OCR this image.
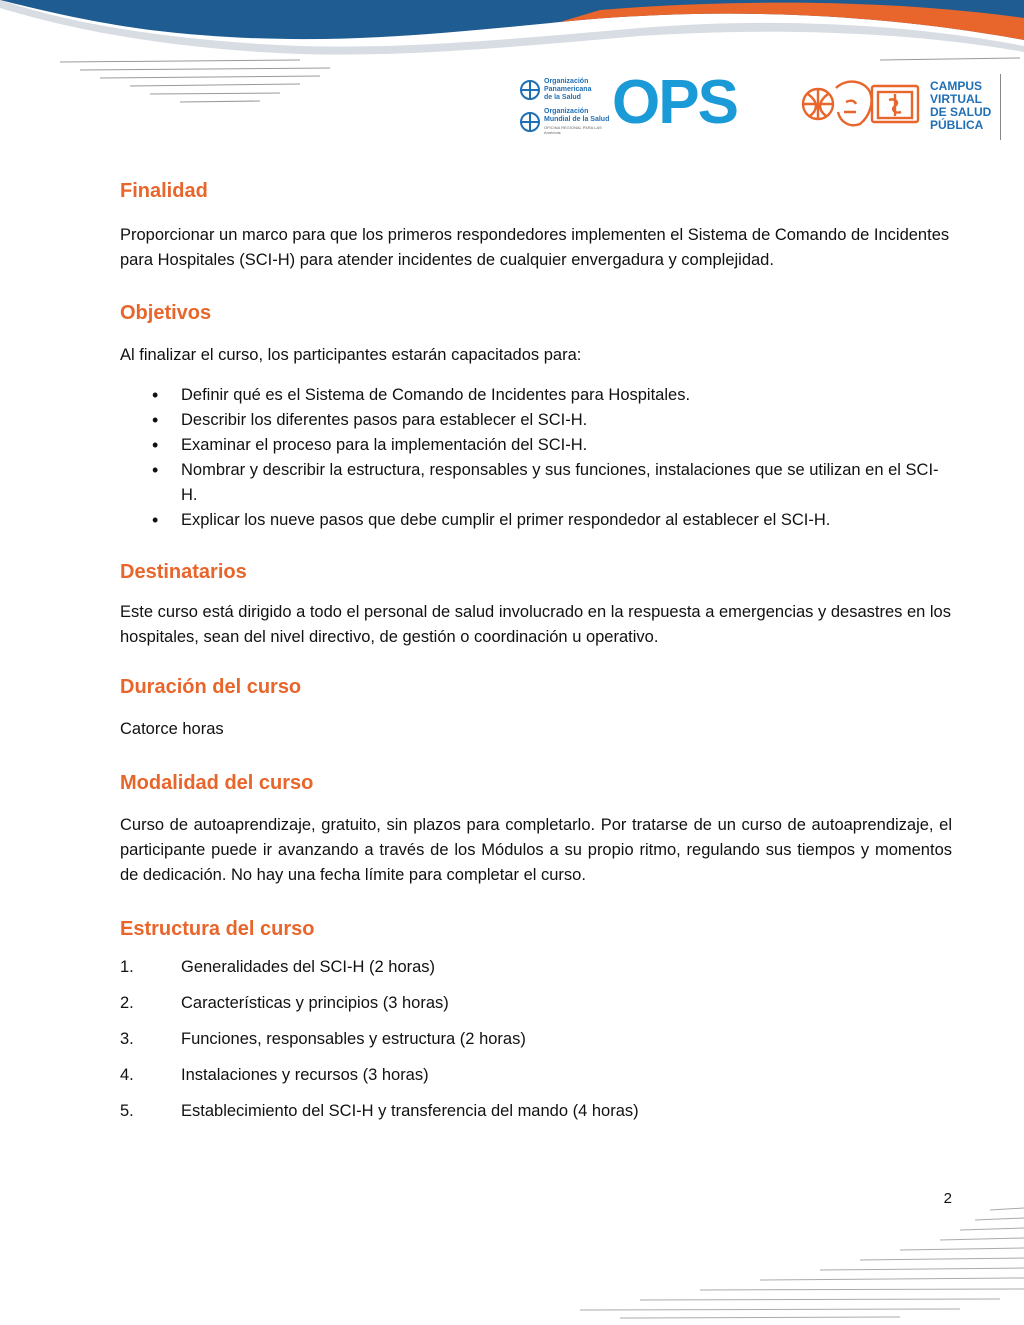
Organización
Panamericana
de la Salud
Organización
Mundial de la Salud
OFICINA REGIONAL PARA LAS Américas OPS	CAMPUS
VIRTUAL
DE SALUD
PÚBLICA
Finalidad

Proporcionar un marco para que los primeros respondedores implementen el Sistema de Comando de Incidentes para Hospitales (SCI-H) para atender incidentes de cualquier envergadura y complejidad.

Objetivos

Al finalizar el curso, los participantes estarán capacitados para:

• Definir qué es el Sistema de Comando de Incidentes para Hospitales.
• Describir los diferentes pasos para establecer el SCI-H.
• Examinar el proceso para la implementación del SCI-H.
• Nombrar y describir la estructura, responsables y sus funciones, instalaciones que se utilizan en el SCI-H.
• Explicar los nueve pasos que debe cumplir el primer respondedor al establecer el SCI-H.
Destinatarios

Este curso está dirigido a todo el personal de salud involucrado en la respuesta a emergencias y desastres en los hospitales, sean del nivel directivo, de gestión o coordinación u operativo.

Duración del curso

Catorce horas

Modalidad del curso

Curso de autoaprendizaje, gratuito, sin plazos para completarlo. Por tratarse de un curso de autoaprendizaje, el participante puede ir avanzando a través de los Módulos a su propio ritmo, regulando sus tiempos y momentos de dedicación. No hay una fecha límite para completar el curso.

Estructura del curso
1.	Generalidades del SCI-H (2 horas)
2.	Características y principios (3 horas)
3.	Funciones, responsables y estructura (2 horas)
4.	Instalaciones y recursos (3 horas)
5.	Establecimiento del SCI-H y transferencia del mando (4 horas)
2
